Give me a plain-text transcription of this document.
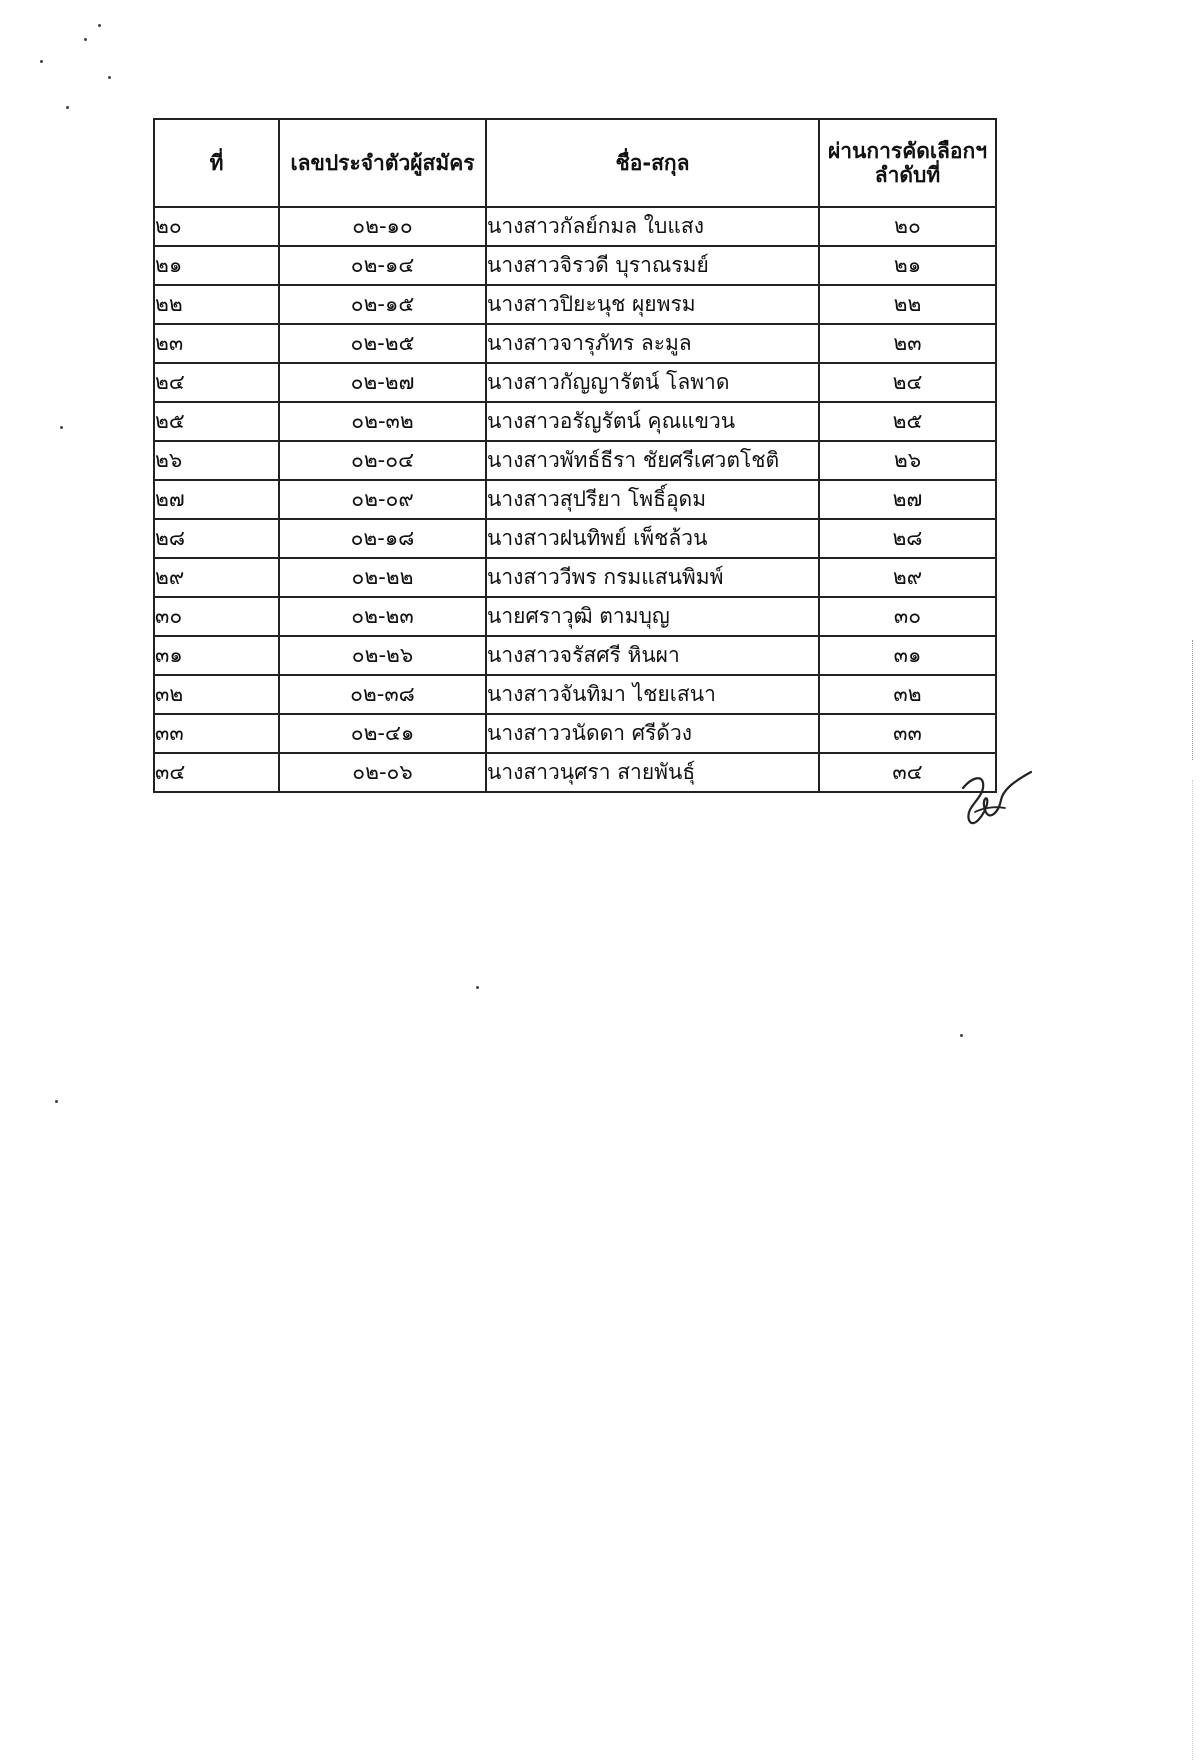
ที่	เลขประจำตัวผู้สมัคร	ชื่อ-สกุล	ผ่านการคัดเลือกฯ ลำดับที่
๒๐	๐๒-๑๐	นางสาวกัลย์กมล ใบแสง	๒๐
๒๑	๐๒-๑๔	นางสาวจิรวดี บุราณรมย์	๒๑
๒๒	๐๒-๑๕	นางสาวปิยะนุช ผุยพรม	๒๒
๒๓	๐๒-๒๕	นางสาวจารุภัทร ละมูล	๒๓
๒๔	๐๒-๒๗	นางสาวกัญญารัตน์ โลพาด	๒๔
๒๕	๐๒-๓๒	นางสาวอรัญรัตน์ คุณแขวน	๒๕
๒๖	๐๒-๐๔	นางสาวพัทธ์ธีรา ชัยศรีเศวตโชติ	๒๖
๒๗	๐๒-๐๙	นางสาวสุปรียา โพธิ์อุดม	๒๗
๒๘	๐๒-๑๘	นางสาวฝนทิพย์ เพ็ชล้วน	๒๘
๒๙	๐๒-๒๒	นางสาววีพร กรมแสนพิมพ์	๒๙
๓๐	๐๒-๒๓	นายศราวุฒิ ตามบุญ	๓๐
๓๑	๐๒-๒๖	นางสาวจรัสศรี หินผา	๓๑
๓๒	๐๒-๓๘	นางสาวจันทิมา ไชยเสนา	๓๒
๓๓	๐๒-๔๑	นางสาววนัดดา ศรีด้วง	๓๓
๓๔	๐๒-๐๖	นางสาวนุศรา สายพันธุ์	๓๔
